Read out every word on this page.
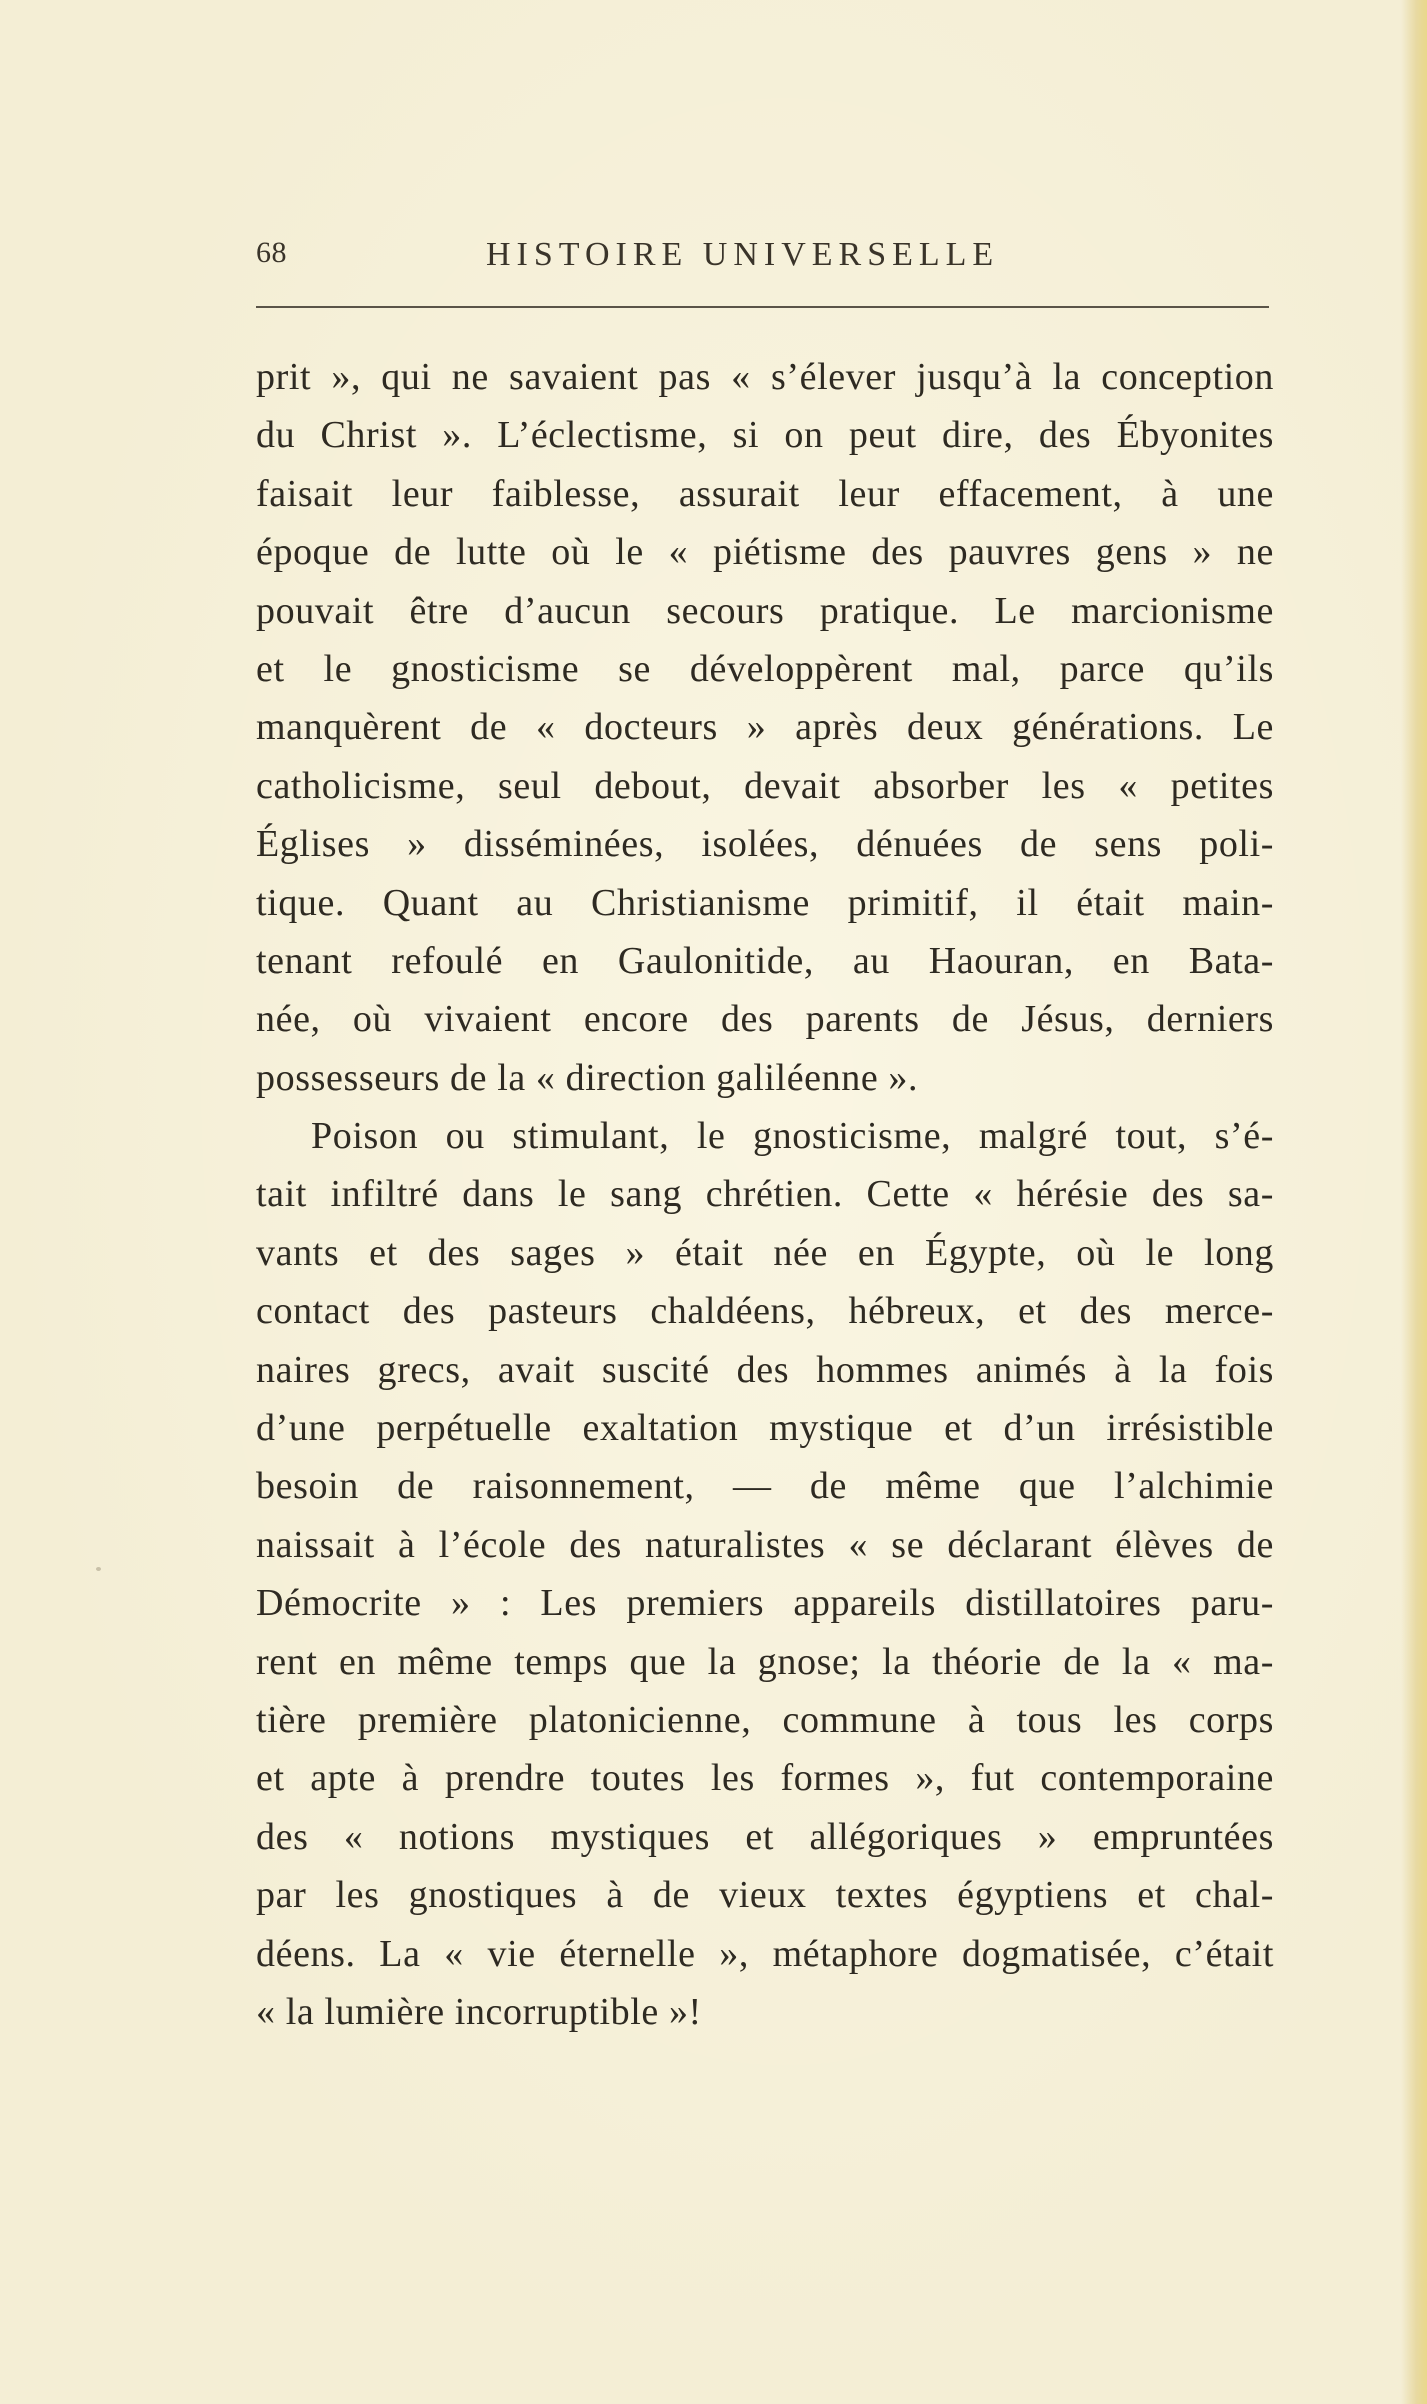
68	HISTOIRE UNIVERSELLE
prit », qui ne savaient pas « s’élever jusqu’à la conception
du Christ ». L’éclectisme, si on peut dire, des Ébyonites
faisait leur faiblesse, assurait leur effacement, à une
époque de lutte où le « piétisme des pauvres gens » ne
pouvait être d’aucun secours pratique. Le marcionisme
et le gnosticisme se développèrent mal, parce qu’ils
manquèrent de « docteurs » après deux générations. Le
catholicisme, seul debout, devait absorber les « petites
Églises » disséminées, isolées, dénuées de sens poli-
tique. Quant au Christianisme primitif, il était main-
tenant refoulé en Gaulonitide, au Haouran, en Bata-
née, où vivaient encore des parents de Jésus, derniers
possesseurs de la « direction galiléenne ».
Poison ou stimulant, le gnosticisme, malgré tout, s’é-
tait infiltré dans le sang chrétien. Cette « hérésie des sa-
vants et des sages » était née en Égypte, où le long
contact des pasteurs chaldéens, hébreux, et des merce-
naires grecs, avait suscité des hommes animés à la fois
d’une perpétuelle exaltation mystique et d’un irrésistible
besoin de raisonnement, — de même que l’alchimie
naissait à l’école des naturalistes « se déclarant élèves de
Démocrite » : Les premiers appareils distillatoires paru-
rent en même temps que la gnose; la théorie de la « ma-
tière première platonicienne, commune à tous les corps
et apte à prendre toutes les formes », fut contemporaine
des « notions mystiques et allégoriques » empruntées
par les gnostiques à de vieux textes égyptiens et chal-
déens. La « vie éternelle », métaphore dogmatisée, c’était
« la lumière incorruptible »!
